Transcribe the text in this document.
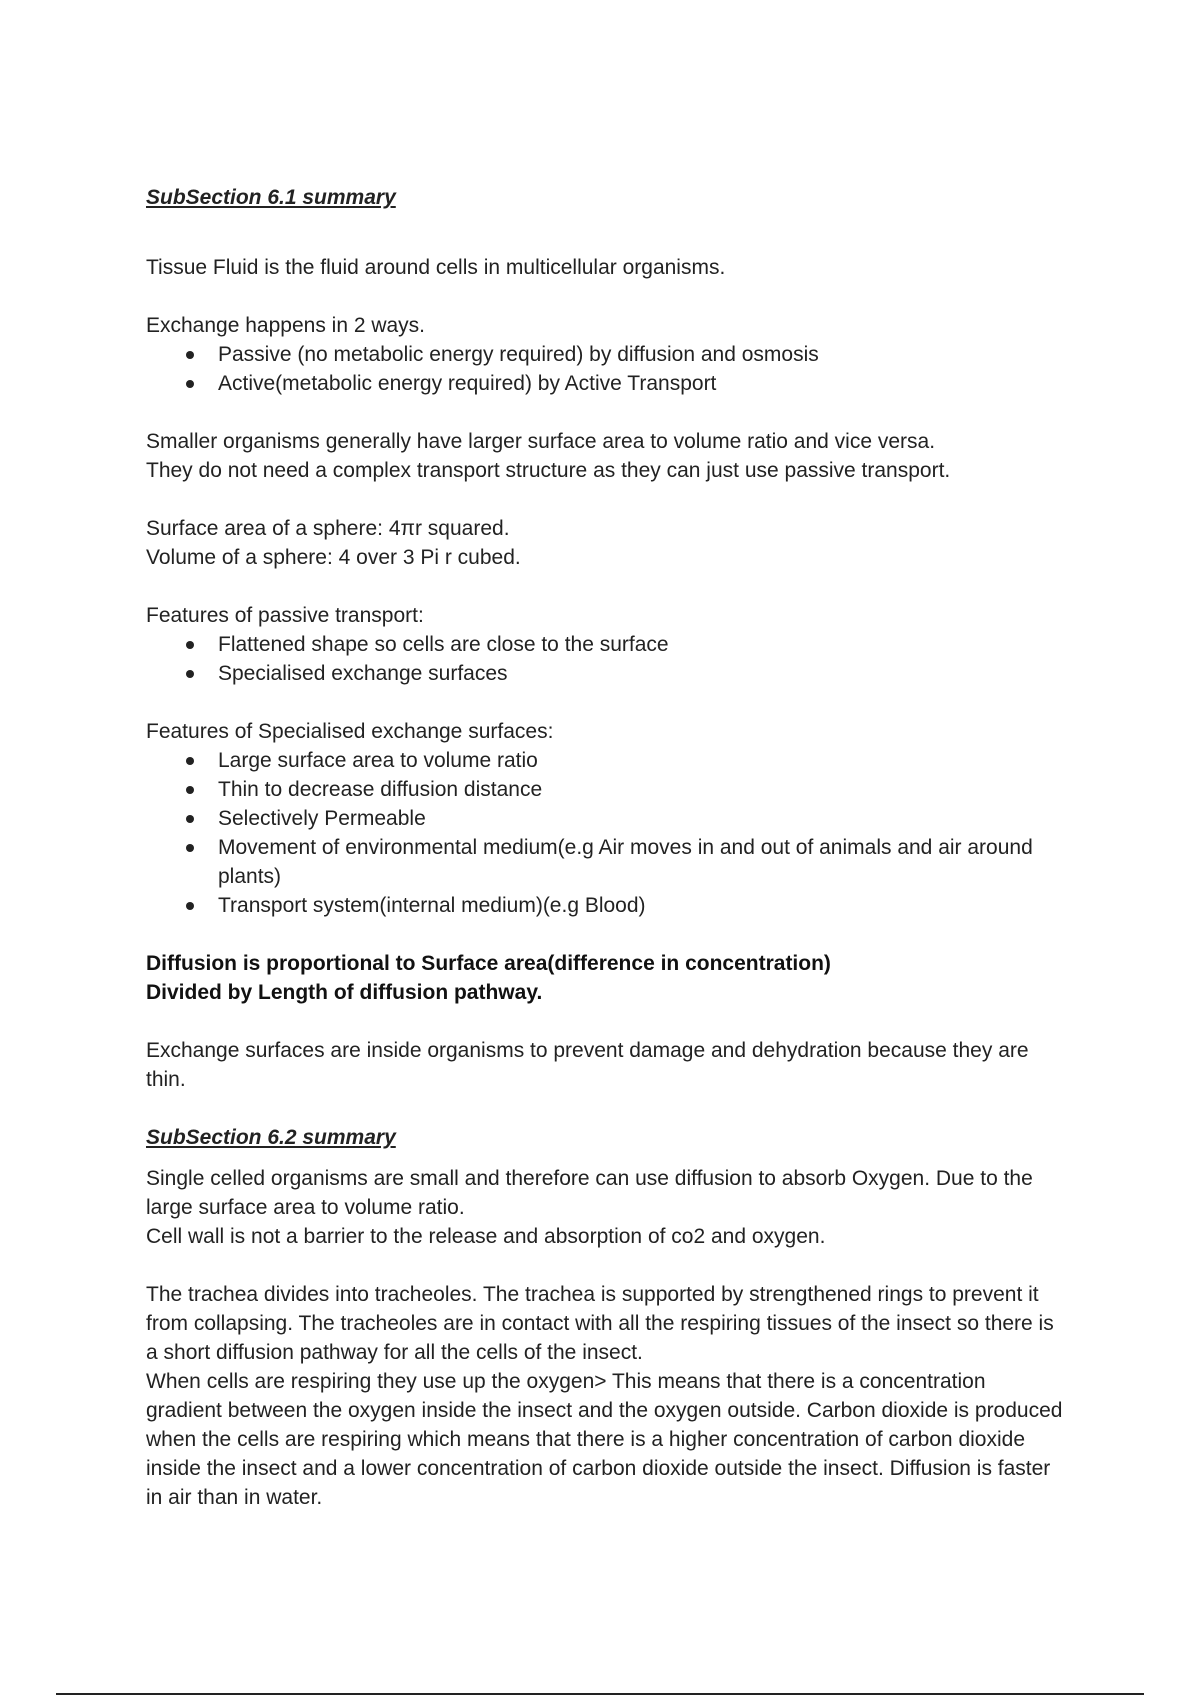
SubSection 6.1 summary

Tissue Fluid is the fluid around cells in multicellular organisms.

Exchange happens in 2 ways.

Passive (no metabolic energy required) by diffusion and osmosis
Active(metabolic energy required) by Active Transport

Smaller organisms generally have larger surface area to volume ratio and vice versa.

They do not need a complex transport structure as they can just use passive transport.

Surface area of a sphere: 4πr squared.

Volume of a sphere: 4 over 3 Pi r cubed.

Features of passive transport:

Flattened shape so cells are close to the surface
Specialised exchange surfaces

Features of Specialised exchange surfaces:

Large surface area to volume ratio
Thin to decrease diffusion distance
Selectively Permeable
Movement of environmental medium(e.g Air moves in and out of animals and air around plants)
Transport system(internal medium)(e.g Blood)

Diffusion is proportional to Surface area(difference in concentration)

Divided by Length of diffusion pathway.

Exchange surfaces are inside organisms to prevent damage and dehydration because they are thin.

SubSection 6.2 summary

Single celled organisms are small and therefore can use diffusion to absorb Oxygen. Due to the large surface area to volume ratio.

Cell wall is not a barrier to the release and absorption of co2 and oxygen.

The trachea divides into tracheoles. The trachea is supported by strengthened rings to prevent it from collapsing. The tracheoles are in contact with all the respiring tissues of the insect so there is a short diffusion pathway for all the cells of the insect.

When cells are respiring they use up the oxygen> This means that there is a concentration gradient between the oxygen inside the insect and the oxygen outside. Carbon dioxide is produced when the cells are respiring which means that there is a higher concentration of carbon dioxide inside the insect and a lower concentration of carbon dioxide outside the insect. Diffusion is faster in air than in water.
